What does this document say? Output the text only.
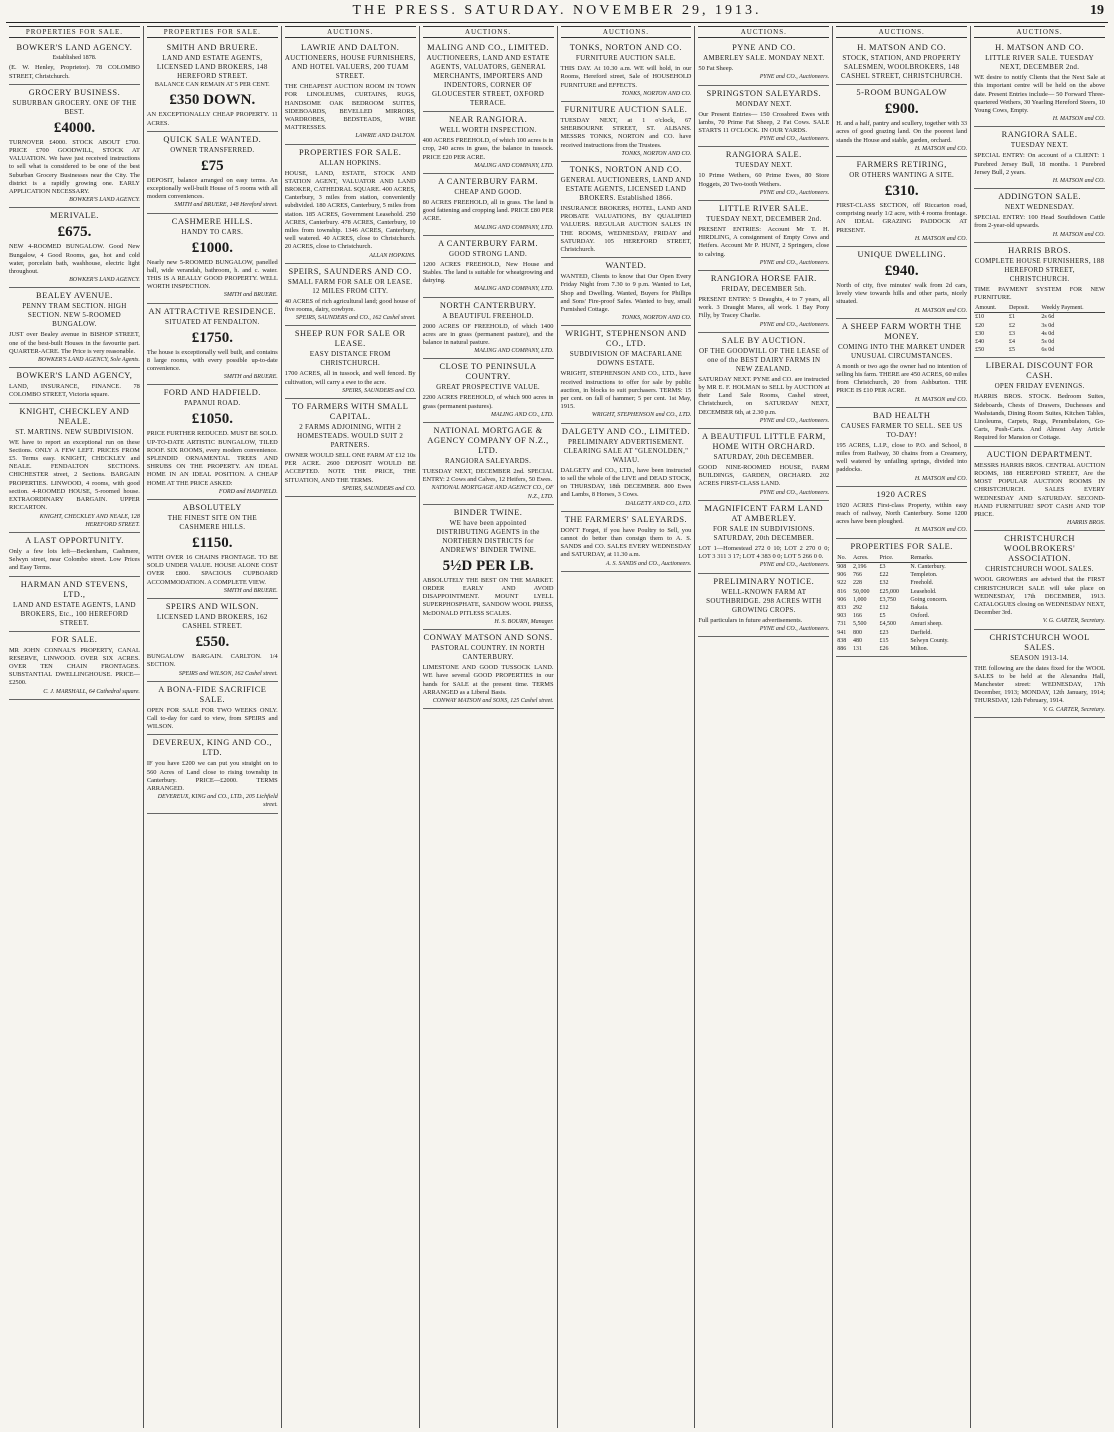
THE PRESS. SATURDAY. NOVEMBER 29, 1913.	19
PROPERTIES FOR SALE.
BOWKER'S LAND AGENCY.
Established 1878.
(E. W. Henley, Proprietor). 78 COLOMBO STREET, Christchurch.
GROCERY BUSINESS.
SUBURBAN GROCERY. ONE OF THE BEST.
£4000.
TURNOVER £4000. STOCK ABOUT £700. PRICE £700 GOODWILL, STOCK AT VALUATION. We have just received instructions to sell what is considered to be one of the best Suburban Grocery Businesses near the City. The district is a rapidly growing one. EARLY APPLICATION NECESSARY.
BOWKER'S LAND AGENCY.
MERIVALE.
£675.
NEW 4-ROOMED BUNGALOW. Good New Bungalow, 4 Good Rooms, gas, hot and cold water, porcelain bath, washhouse, electric light throughout.
BOWKER'S LAND AGENCY.
BEALEY AVENUE.
PENNY TRAM SECTION. HIGH SECTION. NEW 5-ROOMED BUNGALOW.
JUST over Bealey avenue in BISHOP STREET, one of the best-built Houses in the favourite part. QUARTER-ACRE. The Price is very reasonable.
BOWKER'S LAND AGENCY, Sole Agents.
BOWKER'S LAND AGENCY,
LAND, INSURANCE, FINANCE. 78 COLOMBO STREET, Victoria square.
KNIGHT, CHECKLEY AND NEALE.
ST. MARTINS. NEW SUBDIVISION.
WE have to report an exceptional run on these Sections. ONLY A FEW LEFT. PRICES FROM £5. Terms easy. KNIGHT, CHECKLEY and NEALE. FENDALTON SECTIONS. CHICHESTER street, 2 Sections. BARGAIN PROPERTIES. LINWOOD, 4 rooms, with good section. 4-ROOMED HOUSE, 5-roomed house. EXTRAORDINARY BARGAIN. UPPER RICCARTON.
KNIGHT, CHECKLEY AND NEALE, 128 HEREFORD STREET.
A LAST OPPORTUNITY.
Only a few lots left—Beckenham, Cashmere, Selwyn street, near Colombo street. Low Prices and Easy Terms.
HARMAN AND STEVENS, LTD.,
LAND AND ESTATE AGENTS, LAND BROKERS, Etc., 100 HEREFORD STREET.
FOR SALE.
MR JOHN CONNAL'S PROPERTY, CANAL RESERVE, LINWOOD. OVER SIX ACRES. OVER TEN CHAIN FRONTAGES. SUBSTANTIAL DWELLINGHOUSE. PRICE—£2500.
C. J. MARSHALL, 64 Cathedral square.
PROPERTIES FOR SALE.
SMITH AND BRUERE.
LAND AND ESTATE AGENTS, LICENSED LAND BROKERS, 148 HEREFORD STREET.
BALANCE CAN REMAIN AT 5 PER CENT.
£350 DOWN.
AN EXCEPTIONALLY CHEAP PROPERTY. 11 ACRES.
QUICK SALE WANTED.
OWNER TRANSFERRED.
£75
DEPOSIT, balance arranged on easy terms. An exceptionally well-built House of 5 rooms with all modern conveniences.
SMITH and BRUERE, 148 Hereford street.
CASHMERE HILLS.
HANDY TO CARS.
£1000.
Nearly new 5-ROOMED BUNGALOW, panelled hall, wide verandah, bathroom, h. and c. water. THIS IS A REALLY GOOD PROPERTY. WELL WORTH INSPECTION.
SMITH and BRUERE.
AN ATTRACTIVE RESIDENCE.
SITUATED AT FENDALTON.
£1750.
The house is exceptionally well built, and contains 8 large rooms, with every possible up-to-date convenience.
SMITH and BRUERE.
FORD AND HADFIELD.
PAPANUI ROAD.
£1050.
PRICE FURTHER REDUCED. MUST BE SOLD. UP-TO-DATE ARTISTIC BUNGALOW, TILED ROOF. SIX ROOMS, every modern convenience. SPLENDID ORNAMENTAL TREES AND SHRUBS ON THE PROPERTY. AN IDEAL HOME IN AN IDEAL POSITION. A CHEAP HOME AT THE PRICE ASKED:
FORD and HADFIELD.
ABSOLUTELY
THE FINEST SITE ON THE CASHMERE HILLS.
£1150.
WITH OVER 16 CHAINS FRONTAGE. TO BE SOLD UNDER VALUE. HOUSE ALONE COST OVER £800. SPACIOUS CUPBOARD ACCOMMODATION. A COMPLETE VIEW.
SMITH and BRUERE.
SPEIRS AND WILSON.
LICENSED LAND BROKERS, 162 CASHEL STREET.
£550.
BUNGALOW BARGAIN. CARLTON. 1/4 SECTION.
SPEIRS and WILSON, 162 Cashel street.
A BONA-FIDE SACRIFICE SALE.
OPEN FOR SALE FOR TWO WEEKS ONLY. Call to-day for card to view, from SPEIRS and WILSON.
DEVEREUX, KING AND CO., LTD.
IF you have £200 we can put you straight on to 560 Acres of Land close to rising township in Canterbury. PRICE—£2000. TERMS ARRANGED.
DEVEREUX, KING and CO., LTD., 205 Lichfield street.
AUCTIONS.
LAWRIE AND DALTON.
AUCTIONEERS, HOUSE FURNISHERS, AND HOTEL VALUERS, 200 TUAM STREET.
THE CHEAPEST AUCTION ROOM IN TOWN FOR LINOLEUMS, CURTAINS, RUGS, HANDSOME OAK BEDROOM SUITES, SIDEBOARDS, BEVELLED MIRRORS, WARDROBES, BEDSTEADS, WIRE MATTRESSES.
LAWRIE AND DALTON.
PROPERTIES FOR SALE.
ALLAN HOPKINS.
HOUSE, LAND, ESTATE, STOCK AND STATION AGENT, VALUATOR AND LAND BROKER, CATHEDRAL SQUARE. 400 ACRES, Canterbury, 3 miles from station, conveniently subdivided. 180 ACRES, Canterbury, 5 miles from station. 185 ACRES, Government Leasehold. 250 ACRES, Canterbury. 478 ACRES, Canterbury, 10 miles from township. 1346 ACRES, Canterbury, well watered. 40 ACRES, close to Christchurch. 20 ACRES, close to Christchurch.
ALLAN HOPKINS.
SPEIRS, SAUNDERS AND CO.
SMALL FARM FOR SALE OR LEASE. 12 MILES FROM CITY.
40 ACRES of rich agricultural land; good house of five rooms, dairy, cowbyre.
SPEIRS, SAUNDERS and CO., 162 Cashel street.
SHEEP RUN FOR SALE OR LEASE.
EASY DISTANCE FROM CHRISTCHURCH.
1700 ACRES, all in tussock, and well fenced. By cultivation, will carry a ewe to the acre.
SPEIRS, SAUNDERS and CO.
TO FARMERS WITH SMALL CAPITAL.
2 FARMS ADJOINING, WITH 2 HOMESTEADS. WOULD SUIT 2 PARTNERS.
OWNER WOULD SELL ONE FARM AT £12 10s PER ACRE. 2600 DEPOSIT WOULD BE ACCEPTED. NOTE THE PRICE, THE SITUATION, AND THE TERMS.
SPEIRS, SAUNDERS and CO.
AUCTIONS.
MALING AND CO., LIMITED.
AUCTIONEERS, LAND AND ESTATE AGENTS, VALUATORS, GENERAL MERCHANTS, IMPORTERS AND INDENTORS, CORNER OF GLOUCESTER STREET, OXFORD TERRACE.
NEAR RANGIORA.
WELL WORTH INSPECTION.
400 ACRES FREEHOLD, of which 100 acres is in crop, 240 acres in grass, the balance in tussock. PRICE £20 PER ACRE.
MALING AND COMPANY, LTD.
A CANTERBURY FARM.
CHEAP AND GOOD.
80 ACRES FREEHOLD, all in grass. The land is good fattening and cropping land. PRICE £80 PER ACRE.
MALING AND COMPANY, LTD.
A CANTERBURY FARM.
GOOD STRONG LAND.
1200 ACRES FREEHOLD, New House and Stables. The land is suitable for wheatgrowing and dairying.
MALING AND COMPANY, LTD.
NORTH CANTERBURY.
A BEAUTIFUL FREEHOLD.
2000 ACRES OF FREEHOLD, of which 1400 acres are in grass (permanent pasture), and the balance in natural pasture.
MALING AND COMPANY, LTD.
CLOSE TO PENINSULA COUNTRY.
GREAT PROSPECTIVE VALUE.
2200 ACRES FREEHOLD, of which 900 acres in grass (permanent pastures).
MALING AND CO., LTD.
NATIONAL MORTGAGE & AGENCY COMPANY OF N.Z., LTD.
RANGIORA SALEYARDS.
TUESDAY NEXT, DECEMBER 2nd. SPECIAL ENTRY: 2 Cows and Calves, 12 Heifers, 50 Ewes.
NATIONAL MORTGAGE AND AGENCY CO., OF N.Z., LTD.
BINDER TWINE.
WE have been appointed DISTRIBUTING AGENTS in the NORTHERN DISTRICTS for ANDREWS' BINDER TWINE.
5½D PER LB.
ABSOLUTELY THE BEST ON THE MARKET. ORDER EARLY AND AVOID DISAPPOINTMENT. MOUNT LYELL SUPERPHOSPHATE, SANDOW WOOL PRESS, McDONALD PITLESS SCALES.
H. S. BOURN, Manager.
CONWAY MATSON AND SONS.
PASTORAL COUNTRY. IN NORTH CANTERBURY.
LIMESTONE AND GOOD TUSSOCK LAND. WE have several GOOD PROPERTIES in our hands for SALE at the present time. TERMS ARRANGED as a Liberal Basis.
CONWAY MATSON and SONS, 125 Cashel street.
AUCTIONS.
TONKS, NORTON AND CO.
FURNITURE AUCTION SALE.
THIS DAY. At 10.30 a.m. WE will hold, in our Rooms, Hereford street, Sale of HOUSEHOLD FURNITURE and EFFECTS.
TONKS, NORTON AND CO.
FURNITURE AUCTION SALE.
TUESDAY NEXT, at 1 o'clock, 67 SHERBOURNE STREET, ST. ALBANS. MESSRS TONKS, NORTON and CO. have received instructions from the Trustees.
TONKS, NORTON AND CO.
TONKS, NORTON AND CO.
GENERAL AUCTIONEERS, LAND AND ESTATE AGENTS, LICENSED LAND BROKERS. Established 1866.
INSURANCE BROKERS, HOTEL, LAND AND PROBATE VALUATIONS, BY QUALIFIED VALUERS. REGULAR AUCTION SALES IN THE ROOMS, WEDNESDAY, FRIDAY and SATURDAY. 105 HEREFORD STREET, Christchurch.
WANTED.
WANTED, Clients to know that Our Open Every Friday Night from 7.30 to 9 p.m. Wanted to Let, Shop and Dwelling. Wanted, Buyers for Phillips and Sons' Fire-proof Safes. Wanted to buy, small Furnished Cottage.
TONKS, NORTON AND CO.
WRIGHT, STEPHENSON AND CO., LTD.
SUBDIVISION OF MACFARLANE DOWNS ESTATE.
WRIGHT, STEPHENSON AND CO., LTD., have received instructions to offer for sale by public auction, in blocks to suit purchasers. TERMS: 15 per cent. on fall of hammer; 5 per cent. 1st May, 1915.
WRIGHT, STEPHENSON and CO., LTD.
DALGETY AND CO., LIMITED.
PRELIMINARY ADVERTISEMENT. CLEARING SALE AT "GLENOLDEN," WAIAU.
DALGETY and CO., LTD., have been instructed to sell the whole of the LIVE and DEAD STOCK, on THURSDAY, 18th DECEMBER. 800 Ewes and Lambs, 8 Horses, 3 Cows.
DALGETY AND CO., LTD.
THE FARMERS' SALEYARDS.
DON'T Forget, if you have Poultry to Sell, you cannot do better than consign them to A. S. SANDS and CO. SALES EVERY WEDNESDAY and SATURDAY, at 11.30 a.m.
A. S. SANDS and CO., Auctioneers.
AUCTIONS.
PYNE AND CO.
AMBERLEY SALE. MONDAY NEXT.
50 Fat Sheep.
PYNE and CO., Auctioneers.
SPRINGSTON SALEYARDS.
MONDAY NEXT.
Our Present Entries— 150 Crossbred Ewes with lambs, 70 Prime Fat Sheep, 2 Fat Cows. SALE STARTS 11 O'CLOCK. IN OUR YARDS.
PYNE and CO., Auctioneers.
RANGIORA SALE.
TUESDAY NEXT.
10 Prime Wethers, 60 Prime Ewes, 80 Store Hoggets, 20 Two-tooth Wethers.
PYNE and CO., Auctioneers.
LITTLE RIVER SALE.
TUESDAY NEXT, DECEMBER 2nd.
PRESENT ENTRIES: Account Mr T. H. HIRDLING, A consignment of Empty Cows and Heifers. Account Mr P. HUNT, 2 Springers, close to calving.
PYNE and CO., Auctioneers.
RANGIORA HORSE FAIR.
FRIDAY, DECEMBER 5th.
PRESENT ENTRY: 5 Draughts, 4 to 7 years, all work. 3 Draught Mares, all work. 1 Bay Pony Filly, by Tracey Charlie.
PYNE and CO., Auctioneers.
SALE BY AUCTION.
OF THE GOODWILL OF THE LEASE of one of the BEST DAIRY FARMS IN NEW ZEALAND.
SATURDAY NEXT. PYNE and CO. are instructed by MR E. F. HOLMAN to SELL by AUCTION at their Land Sale Rooms, Cashel street, Christchurch, on SATURDAY NEXT, DECEMBER 6th, at 2.30 p.m.
PYNE and CO., Auctioneers.
A BEAUTIFUL LITTLE FARM, HOME WITH ORCHARD.
SATURDAY, 20th DECEMBER.
GOOD NINE-ROOMED HOUSE, FARM BUILDINGS, GARDEN, ORCHARD. 202 ACRES FIRST-CLASS LAND.
PYNE and CO., Auctioneers.
MAGNIFICENT FARM LAND AT AMBERLEY.
FOR SALE IN SUBDIVISIONS. SATURDAY, 20th DECEMBER.
LOT 1—Homestead 272 0 10; LOT 2 270 0 0; LOT 3 311 3 17; LOT 4 383 0 0; LOT 5 266 0 0.
PYNE and CO., Auctioneers.
PRELIMINARY NOTICE.
WELL-KNOWN FARM AT SOUTHBRIDGE. 298 ACRES WITH GROWING CROPS.
Full particulars in future advertisements.
PYNE and CO., Auctioneers.
AUCTIONS.
H. MATSON AND CO.
STOCK, STATION, AND PROPERTY SALESMEN, WOOLBROKERS, 148 CASHEL STREET, CHRISTCHURCH.
5-ROOM BUNGALOW
£900.
H. and a half, pantry and scullery, together with 33 acres of good grazing land. On the poorest land stands the House and stable, garden, orchard.
H. MATSON and CO.
FARMERS RETIRING,
OR OTHERS WANTING A SITE.
£310.
FIRST-CLASS SECTION, off Riccarton road, comprising nearly 1/2 acre, with 4 rooms frontage. AN IDEAL GRAZING PADDOCK AT PRESENT.
H. MATSON and CO.
UNIQUE DWELLING.
£940.
North of city, five minutes' walk from 2d cars, lovely view towards hills and other parts, nicely situated.
H. MATSON and CO.
A SHEEP FARM WORTH THE MONEY.
COMING INTO THE MARKET UNDER UNUSUAL CIRCUMSTANCES.
A month or two ago the owner had no intention of selling his farm. THERE are 450 ACRES, 60 miles from Christchurch, 20 from Ashburton. THE PRICE IS £10 PER ACRE.
H. MATSON and CO.
BAD HEALTH
CAUSES FARMER TO SELL. SEE US TO-DAY!
195 ACRES, L.I.P., close to P.O. and School, 8 miles from Railway, 30 chains from a Creamery, well watered by unfailing springs, divided into paddocks.
H. MATSON and CO.
1920 ACRES
1920 ACRES First-class Property, within easy reach of railway, North Canterbury. Some 1200 acres have been ploughed.
H. MATSON and CO.
PROPERTIES FOR SALE.
No.	Acres.	Price.	Remarks.
908	2,196	£3	N. Canterbury.
906	766	£22	Templeton.
922	228	£32	Freehold.
816	50,000	£25,000	Leasehold.
906	1,000	£3,750	Going concern.
833	292	£12	Bakaia.
903	166	£5	Oxford.
731	5,500	£4,500	Amuri sheep.
941	800	£23	Darfield.
838	480	£15	Selwyn County.
886	131	£26	Milton.
AUCTIONS.
H. MATSON AND CO.
LITTLE RIVER SALE. TUESDAY NEXT, DECEMBER 2nd.
WE desire to notify Clients that the Next Sale at this important centre will be held on the above date. Present Entries include— 50 Forward Three-quartered Wethers, 30 Yearling Hereford Steers, 10 Young Cows, Empty.
H. MATSON and CO.
RANGIORA SALE.
TUESDAY NEXT.
SPECIAL ENTRY: On account of a CLIENT: 1 Purebred Jersey Bull, 18 months. 1 Purebred Jersey Bull, 2 years.
H. MATSON and CO.
ADDINGTON SALE.
NEXT WEDNESDAY.
SPECIAL ENTRY: 100 Head Southdown Cattle from 2-year-old upwards.
H. MATSON and CO.
HARRIS BROS.
COMPLETE HOUSE FURNISHERS, 188 HEREFORD STREET, CHRISTCHURCH.
TIME PAYMENT SYSTEM FOR NEW FURNITURE.
Amount.	Deposit.	Weekly Payment.
£10	£1	2s 6d
£20	£2	3s 0d
£30	£3	4s 0d
£40	£4	5s 0d
£50	£5	6s 0d
LIBERAL DISCOUNT FOR CASH.
OPEN FRIDAY EVENINGS.
HARRIS BROS. STOCK. Bedroom Suites, Sideboards, Chests of Drawers, Duchesses and Washstands, Dining Room Suites, Kitchen Tables, Linoleums, Carpets, Rugs, Perambulators, Go-Carts, Push-Carts. And Almost Any Article Required for Mansion or Cottage.
AUCTION DEPARTMENT.
MESSRS HARRIS BROS. CENTRAL AUCTION ROOMS, 188 HEREFORD STREET, Are the MOST POPULAR AUCTION ROOMS IN CHRISTCHURCH. SALES EVERY WEDNESDAY AND SATURDAY. SECOND-HAND FURNITURE! SPOT CASH AND TOP PRICE.
HARRIS BROS.
CHRISTCHURCH WOOLBROKERS' ASSOCIATION.
CHRISTCHURCH WOOL SALES.
WOOL GROWERS are advised that the FIRST CHRISTCHURCH SALE will take place on WEDNESDAY, 17th DECEMBER, 1913. CATALOGUES closing on WEDNESDAY NEXT, December 3rd.
V. G. CARTER, Secretary.
CHRISTCHURCH WOOL SALES.
SEASON 1913-14.
THE following are the dates fixed for the WOOL SALES to be held at the Alexandra Hall, Manchester street: WEDNESDAY, 17th December, 1913; MONDAY, 12th January, 1914; THURSDAY, 12th February, 1914.
V. G. CARTER, Secretary.
